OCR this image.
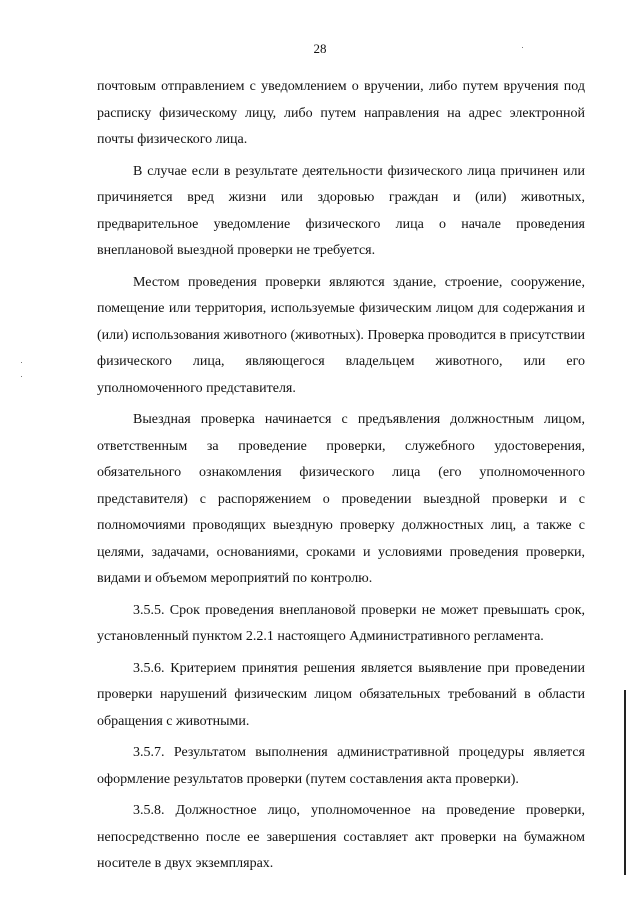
28

почтовым отправлением с уведомлением о вручении, либо путем вручения под расписку физическому лицу, либо путем направления на адрес электронной почты физического лица.

В случае если в результате деятельности физического лица причинен или причиняется вред жизни или здоровью граждан и (или) животных, предварительное уведомление физического лица о начале проведения внеплановой выездной проверки не требуется.

Местом проведения проверки являются здание, строение, сооружение, помещение или территория, используемые физическим лицом для содержания и (или) использования животного (животных). Проверка проводится в присутствии физического лица, являющегося владельцем животного, или его уполномоченного представителя.

Выездная проверка начинается с предъявления должностным лицом, ответственным за проведение проверки, служебного удостоверения, обязательного ознакомления физического лица (его уполномоченного представителя) с распоряжением о проведении выездной проверки и с полномочиями проводящих выездную проверку должностных лиц, а также с целями, задачами, основаниями, сроками и условиями проведения проверки, видами и объемом мероприятий по контролю.

3.5.5. Срок проведения внеплановой проверки не может превышать срок, установленный пунктом 2.2.1 настоящего Административного регламента.

3.5.6. Критерием принятия решения является выявление при проведении проверки нарушений физическим лицом обязательных требований в области обращения с животными.

3.5.7. Результатом выполнения административной процедуры является оформление результатов проверки (путем составления акта проверки).

3.5.8. Должностное лицо, уполномоченное на проведение проверки, непосредственно после ее завершения составляет акт проверки на бумажном носителе в двух экземплярах.
